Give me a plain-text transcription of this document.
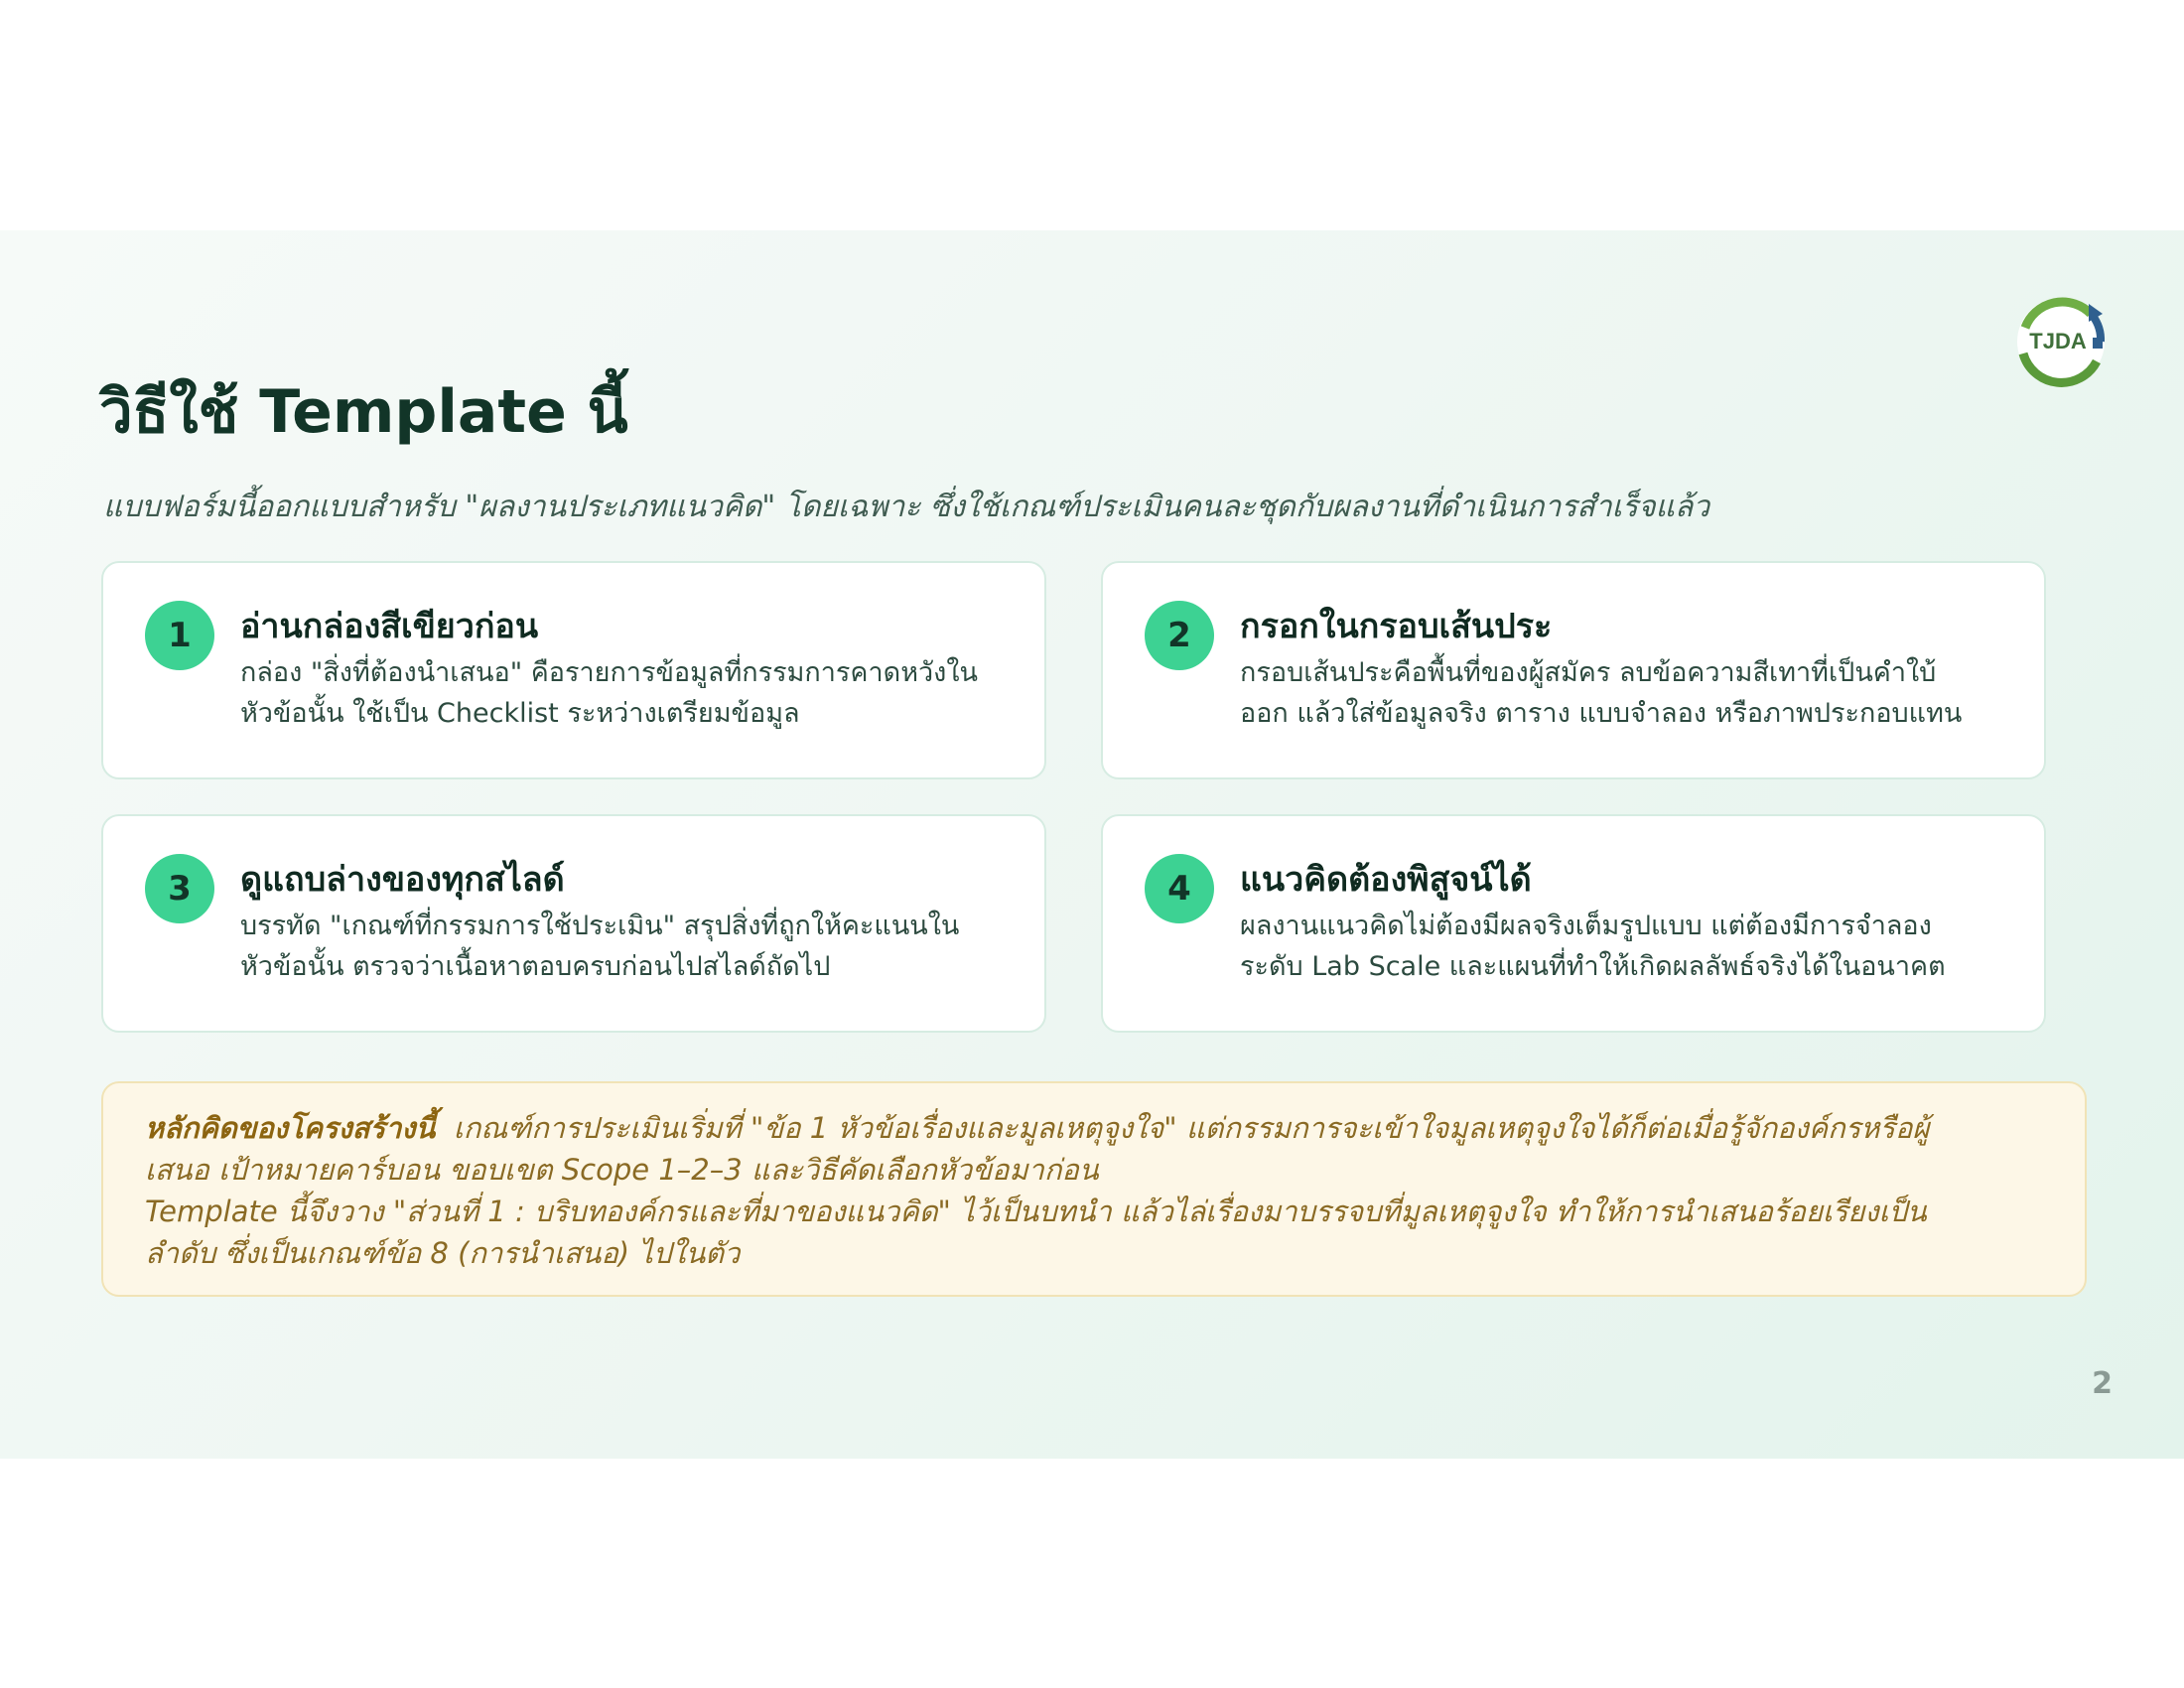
TJDA
วิธีใช้ Template นี้

แบบฟอร์มนี้ออกแบบสำหรับ "ผลงานประเภทแนวคิด" โดยเฉพาะ ซึ่งใช้เกณฑ์ประเมินคนละชุดกับผลงานที่ดำเนินการสำเร็จแล้ว

1	อ่านกล่องสีเขียวก่อน
กล่อง "สิ่งที่ต้องนำเสนอ" คือรายการข้อมูลที่กรรมการคาดหวังใน
หัวข้อนั้น ใช้เป็น Checklist ระหว่างเตรียมข้อมูล
2	กรอกในกรอบเส้นประ
กรอบเส้นประคือพื้นที่ของผู้สมัคร ลบข้อความสีเทาที่เป็นคำใบ้
ออก แล้วใส่ข้อมูลจริง ตาราง แบบจำลอง หรือภาพประกอบแทน
3	ดูแถบล่างของทุกสไลด์
บรรทัด "เกณฑ์ที่กรรมการใช้ประเมิน" สรุปสิ่งที่ถูกให้คะแนนใน
หัวข้อนั้น ตรวจว่าเนื้อหาตอบครบก่อนไปสไลด์ถัดไป
4	แนวคิดต้องพิสูจน์ได้
ผลงานแนวคิดไม่ต้องมีผลจริงเต็มรูปแบบ แต่ต้องมีการจำลอง
ระดับ Lab Scale และแผนที่ทำให้เกิดผลลัพธ์จริงได้ในอนาคต
หลักคิดของโครงสร้างนี้ เกณฑ์การประเมินเริ่มที่ "ข้อ 1 หัวข้อเรื่องและมูลเหตุจูงใจ" แต่กรรมการจะเข้าใจมูลเหตุจูงใจได้ก็ต่อเมื่อรู้จักองค์กรหรือผู้
เสนอ เป้าหมายคาร์บอน ขอบเขต Scope 1–2–3 และวิธีคัดเลือกหัวข้อมาก่อน
Template นี้จึงวาง "ส่วนที่ 1 : บริบทองค์กรและที่มาของแนวคิด" ไว้เป็นบทนำ แล้วไล่เรื่องมาบรรจบที่มูลเหตุจูงใจ ทำให้การนำเสนอร้อยเรียงเป็น
ลำดับ ซึ่งเป็นเกณฑ์ข้อ 8 (การนำเสนอ) ไปในตัว
2
